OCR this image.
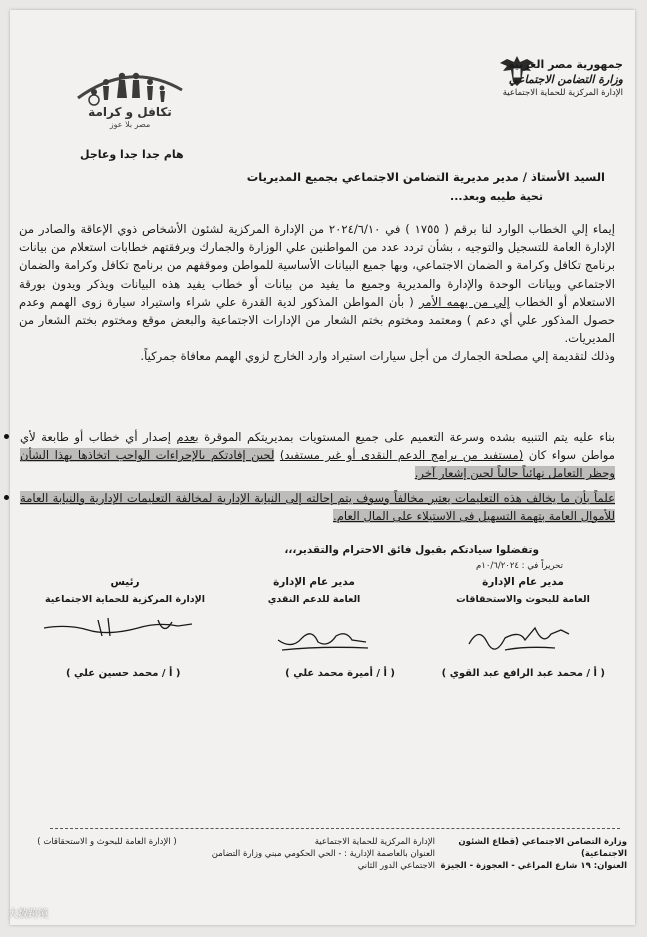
جمهورية مصر العربية
وزارة التضامن الاجتماعي
الإدارة المركزية للحماية الاجتماعية
تكافل و كرامة
مصر بلا عوز
هام جدا جدا وعاجل
السيد الأستاذ / مدير مديرية التضامن الاجتماعي بجميع المديريات
تحية طيبه وبعد...
إيماء إلي الخطاب الوارد لنا برقم ( ١٧٥٥ ) في ٢٠٢٤/٦/١٠ من الإدارة المركزية لشئون الأشخاص ذوي الإعاقة والصادر من الإدارة العامة للتسجيل والتوجيه ، بشأن تردد عدد من المواطنين علي الوزارة والجمارك وبرفقتهم خطابات استعلام من بيانات برنامج تكافل وكرامة و الضمان الاجتماعي، وبها جميع البيانات الأساسية للمواطن وموقفهم من برنامج تكافل وكرامة والضمان الاجتماعي وبيانات الوحدة والإدارة والمديرية وجميع ما يفيد من بيانات أو خطاب يفيد هذه البيانات ويذكر ويدون بورقة الاستعلام أو الخطاب إلي من يهمه الأمر ( بأن المواطن المذكور لدية القدرة علي شراء واستيراد سيارة زوى الهمم وعدم حصول المذكور علي أي دعم ) ومعتمد ومختوم بختم الشعار من الإدارات الاجتماعية والبعض موقع ومختوم بختم الشعار من المديريات.
وذلك لتقديمة إلي مصلحة الجمارك من أجل سيارات استيراد وارد الخارج لزوي الهمم معافاة جمركياً.
بناء عليه يتم التنبيه بشده وسرعة التعميم على جميع المستويات بمديريتكم الموقرة بعدم إصدار أي خطاب أو طابعة لأي مواطن سواء كان (مستفيد من برامج الدعم النقدى أو غير مستفيد) لحين إفادتكم بالإجراءات الواجب اتخاذها بهذا الشأن وحظر التعامل نهائياً حالياً لحين إشعار آخر.
علماً بأن ما يخالف هذه التعليمات يعتبر مخالفاً وسوف يتم إحالته إلى النيابة الإدارية لمخالفة التعليمات الإدارية والنيابة العامة للأموال العامة بتهمة التسهيل فى الاستيلاء على المال العام.
وتفضلوا سيادتكم بقبول فائق الاحترام والتقدير،،،
تحريراً في : ١٠/٦/٢٠٢٤م
مدير عام الإدارة
العامة للبحوث والاستحقاقات
( أ / محمد عبد الرافع عبد القوي )
مدير عام الإدارة
العامة للدعم النقدي
( أ / أميرة محمد علي )
رئيس
الإدارة المركزية للحماية الاجتماعية
( أ / محمد حسين علي )
وزارة التضامن الاجتماعي (قطاع الشئون الاجتماعية)
العنوان: ١٩ شارع المراغي - العجوزة - الجيزة
الإدارة المركزية للحماية الاجتماعية
العنوان بالعاصمة الإدارية : - الحي الحكومي مبني وزارة التضامن الاجتماعي الدور الثاني
( الإدارة العامة للبحوث و الاستحقاقات )
大数跨境
